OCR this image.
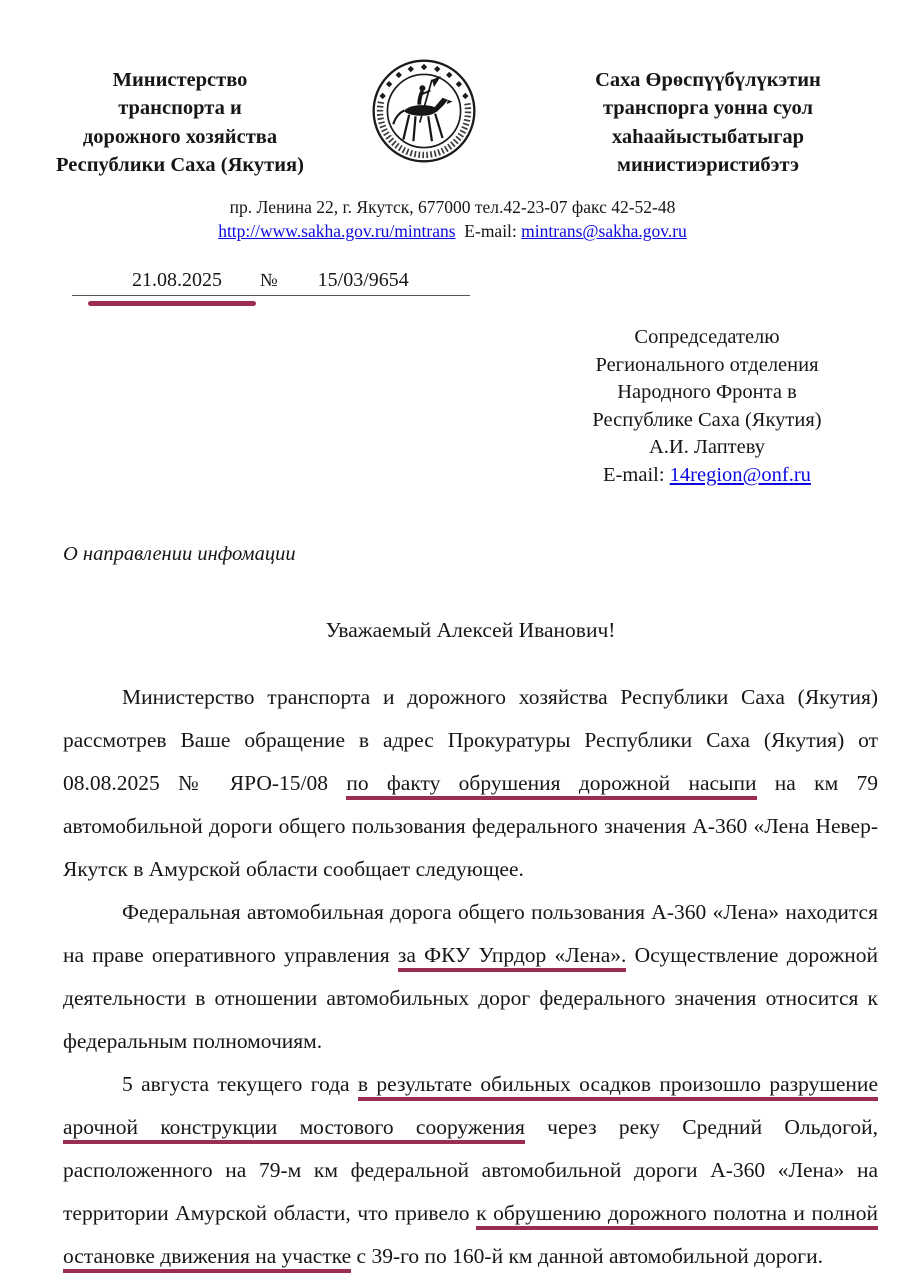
Министерство
транспорта и
дорожного хозяйства
Республики Саха (Якутия)
Саха Өрөспүүбүлүкэтин
транспорга уонна суол
хаһаайыстыбатыгар
министиэристибэтэ
пр. Ленина 22, г. Якутск, 677000 тел.42-23-07 факс 42-52-48
http://www.sakha.gov.ru/mintrans E-mail: mintrans@sakha.gov.ru
21.08.2025 № 15/03/9654
Сопредседателю
Регионального отделения
Народного Фронта в
Республике Саха (Якутия)
А.И. Лаптеву
E-mail: 14region@onf.ru
О направлении инфомации
Уважаемый Алексей Иванович!

Министерство транспорта и дорожного хозяйства Республики Саха (Якутия) рассмотрев Ваше обращение в адрес Прокуратуры Республики Саха (Якутия) от 08.08.2025 № ЯРО-15/08 по факту обрушения дорожной насыпи на км 79 автомобильной дороги общего пользования федерального значения А-360 «Лена Невер-Якутск в Амурской области сообщает следующее.

Федеральная автомобильная дорога общего пользования А-360 «Лена» находится на праве оперативного управления за ФКУ Упрдор «Лена». Осуществление дорожной деятельности в отношении автомобильных дорог федерального значения относится к федеральным полномочиям.

5 августа текущего года в результате обильных осадков произошло разрушение арочной конструкции мостового сооружения через реку Средний Ольдогой, расположенного на 79-м км федеральной автомобильной дороги А-360 «Лена» на территории Амурской области, что привело к обрушению дорожного полотна и полной остановке движения на участке с 39-го по 160-й км данной автомобильной дороги.
